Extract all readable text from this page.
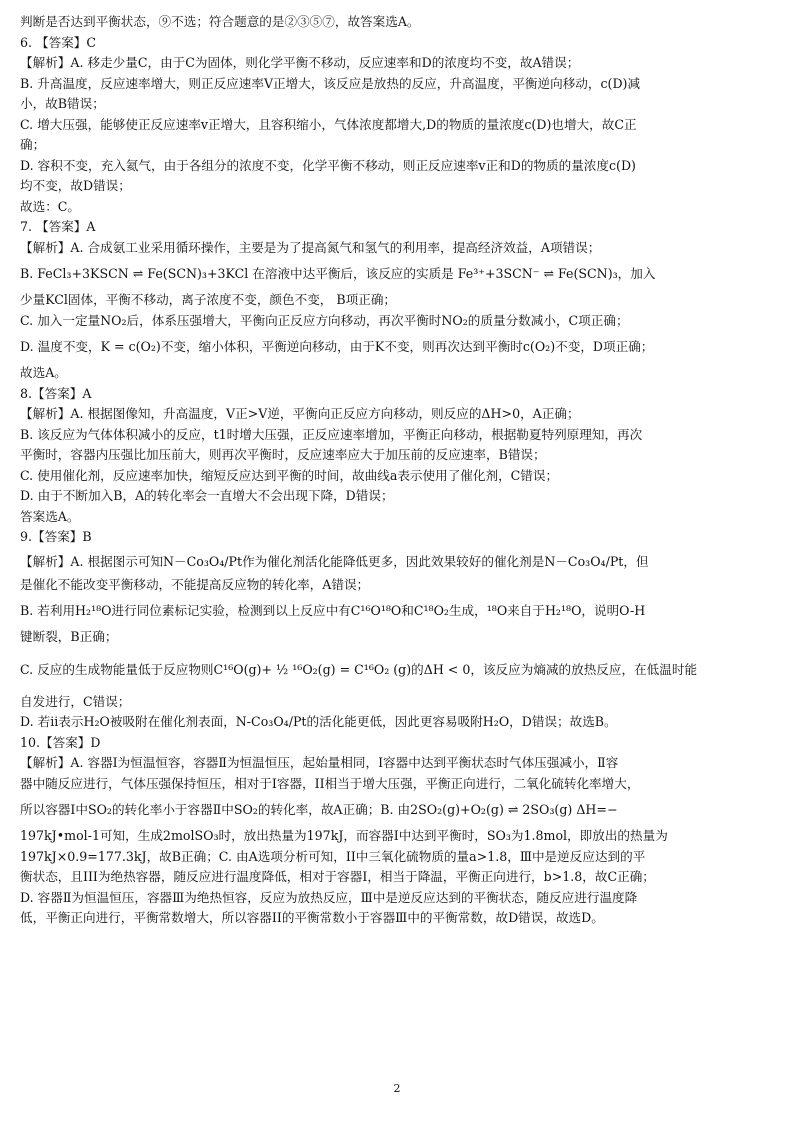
判断是否达到平衡状态，⑨不选；符合题意的是②③⑤⑦，故答案选A。
6. 【答案】C
【解析】A. 移走少量C，由于C为固体，则化学平衡不移动，反应速率和D的浓度均不变，故A错误；
B. 升高温度，反应速率增大，则正反应速率V正增大，该反应是放热的反应，升高温度，平衡逆向移动，c(D)减
小，故B错误；
C. 增大压强，能够使正反应速率v正增大，且容积缩小，气体浓度都增大,D的物质的量浓度c(D)也增大，故C正
确；
D. 容积不变，充入氦气，由于各组分的浓度不变，化学平衡不移动，则正反应速率v正和D的物质的量浓度c(D)
均不变，故D错误；
故选：C。
7. 【答案】A
【解析】A. 合成氨工业采用循环操作，主要是为了提高氮气和氢气的利用率，提高经济效益，A项错误；
B. FeCl₃+3KSCN ⇌ Fe(SCN)₃+3KCl 在溶液中达平衡后，该反应的实质是 Fe³⁺+3SCN⁻ ⇌ Fe(SCN)₃，加入
少量KCl固体，平衡不移动，离子浓度不变，颜色不变， B项正确；
C. 加入一定量NO₂后，体系压强增大，平衡向正反应方向移动，再次平衡时NO₂的质量分数减小，C项正确；
D. 温度不变，K = c(O₂)不变，缩小体积，平衡逆向移动，由于K不变，则再次达到平衡时c(O₂)不变，D项正确；
故选A。
8.【答案】A
【解析】A. 根据图像知，升高温度，V正>V逆，平衡向正反应方向移动，则反应的ΔH>0，A正确；
B. 该反应为气体体积减小的反应，t1时增大压强，正反应速率增加，平衡正向移动，根据勒夏特列原理知，再次
平衡时，容器内压强比加压前大，则再次平衡时，反应速率应大于加压前的反应速率，B错误；
C. 使用催化剂，反应速率加快，缩短反应达到平衡的时间，故曲线a表示使用了催化剂，C错误；
D. 由于不断加入B，A的转化率会一直增大不会出现下降，D错误；
答案选A。
9.【答案】B
【解析】A. 根据图示可知N－Co₃O₄/Pt作为催化剂活化能降低更多，因此效果较好的催化剂是N－Co₃O₄/Pt，但
是催化不能改变平衡移动，不能提高反应物的转化率，A错误；
B. 若利用H₂¹⁸O进行同位素标记实验，检测到以上反应中有C¹⁶O¹⁸O和C¹⁸O₂生成，¹⁸O来自于H₂¹⁸O，说明O-H
键断裂，B正确；
C. 反应的生成物能量低于反应物则C¹⁶O(g)+ ½ ¹⁶O₂(g) = C¹⁶O₂ (g)的ΔH < 0，该反应为熵减的放热反应，在低温时能
自发进行，C错误；
D. 若ii表示H₂O被吸附在催化剂表面，N-Co₃O₄/Pt的活化能更低，因此更容易吸附H₂O，D错误；故选B。
10.【答案】D
【解析】A. 容器Ⅰ为恒温恒容，容器Ⅱ为恒温恒压，起始量相同，Ⅰ容器中达到平衡状态时气体压强减小，Ⅱ容
器中随反应进行，气体压强保持恒压，相对于Ⅰ容器，II相当于增大压强，平衡正向进行，二氧化硫转化率增大，
所以容器Ⅰ中SO₂的转化率小于容器Ⅱ中SO₂的转化率，故A正确；B. 由2SO₂(g)+O₂(g) ⇌ 2SO₃(g) ΔH=−
197kJ•mol-1可知，生成2molSO₃时，放出热量为197kJ，而容器Ⅰ中达到平衡时，SO₃为1.8mol，即放出的热量为
197kJ×0.9=177.3kJ，故B正确；C. 由A选项分析可知，II中三氧化硫物质的量a>1.8，Ⅲ中是逆反应达到的平
衡状态，且III为绝热容器，随反应进行温度降低，相对于容器Ⅰ，相当于降温，平衡正向进行，b>1.8，故C正确；
D. 容器Ⅱ为恒温恒压，容器Ⅲ为绝热恒容，反应为放热反应，Ⅲ中是逆反应达到的平衡状态，随反应进行温度降
低，平衡正向进行，平衡常数增大，所以容器II的平衡常数小于容器Ⅲ中的平衡常数，故D错误，故选D。
2
